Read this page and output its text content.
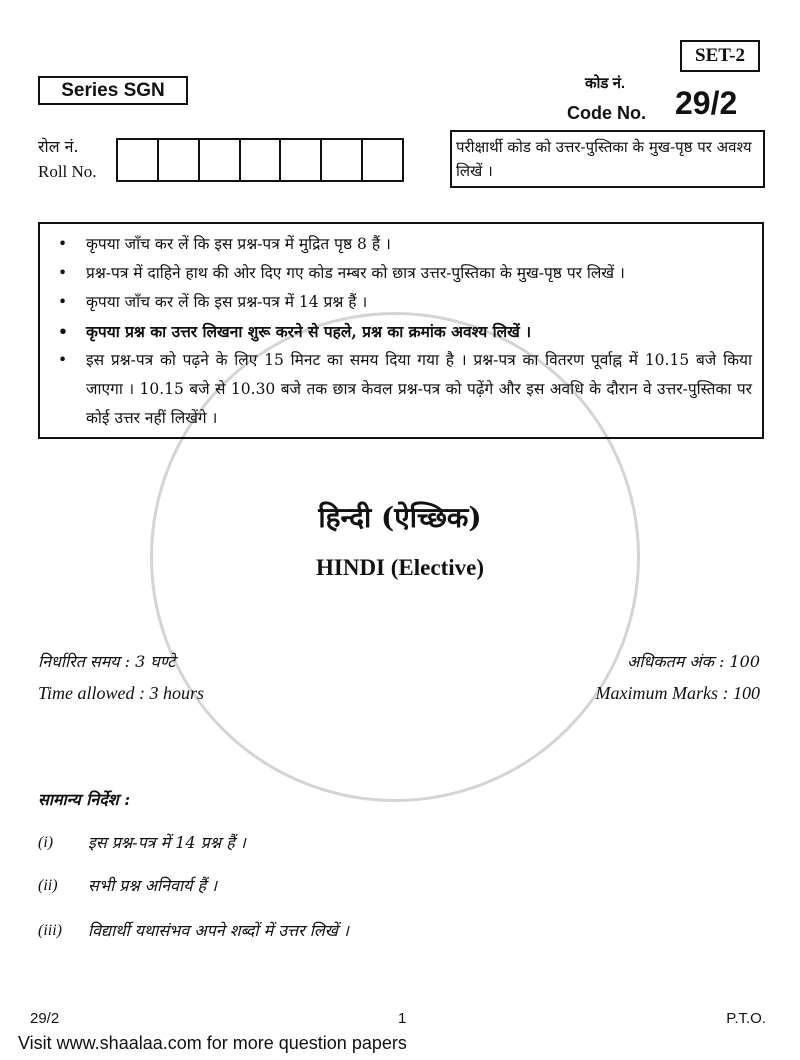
SET-2
Series SGN	कोड नं.
Code No. 29/2
रोल नं.
Roll No.
परीक्षार्थी कोड को उत्तर-पुस्तिका के मुख-पृष्ठ पर अवश्य लिखें ।
• कृपया जाँच कर लें कि इस प्रश्न-पत्र में मुद्रित पृष्ठ 8 हैं ।
• प्रश्न-पत्र में दाहिने हाथ की ओर दिए गए कोड नम्बर को छात्र उत्तर-पुस्तिका के मुख-पृष्ठ पर लिखें ।
• कृपया जाँच कर लें कि इस प्रश्न-पत्र में 14 प्रश्न हैं ।
• कृपया प्रश्न का उत्तर लिखना शुरू करने से पहले, प्रश्न का क्रमांक अवश्य लिखें ।
• इस प्रश्न-पत्र को पढ़ने के लिए 15 मिनट का समय दिया गया है । प्रश्न-पत्र का वितरण पूर्वाह्न में 10.15 बजे किया जाएगा । 10.15 बजे से 10.30 बजे तक छात्र केवल प्रश्न-पत्र को पढ़ेंगे और इस अवधि के दौरान वे उत्तर-पुस्तिका पर कोई उत्तर नहीं लिखेंगे ।
हिन्दी (ऐच्छिक)
HINDI (Elective)
निर्धारित समय : 3 घण्टे
Time allowed : 3 hours
अधिकतम अंक : 100
Maximum Marks : 100
सामान्य निर्देश :
(i) इस प्रश्न-पत्र में 14 प्रश्न हैं ।
(ii) सभी प्रश्न अनिवार्य हैं ।
(iii) विद्यार्थी यथासंभव अपने शब्दों में उत्तर लिखें ।
29/2	1	P.T.O.
Visit www.shaalaa.com for more question papers
